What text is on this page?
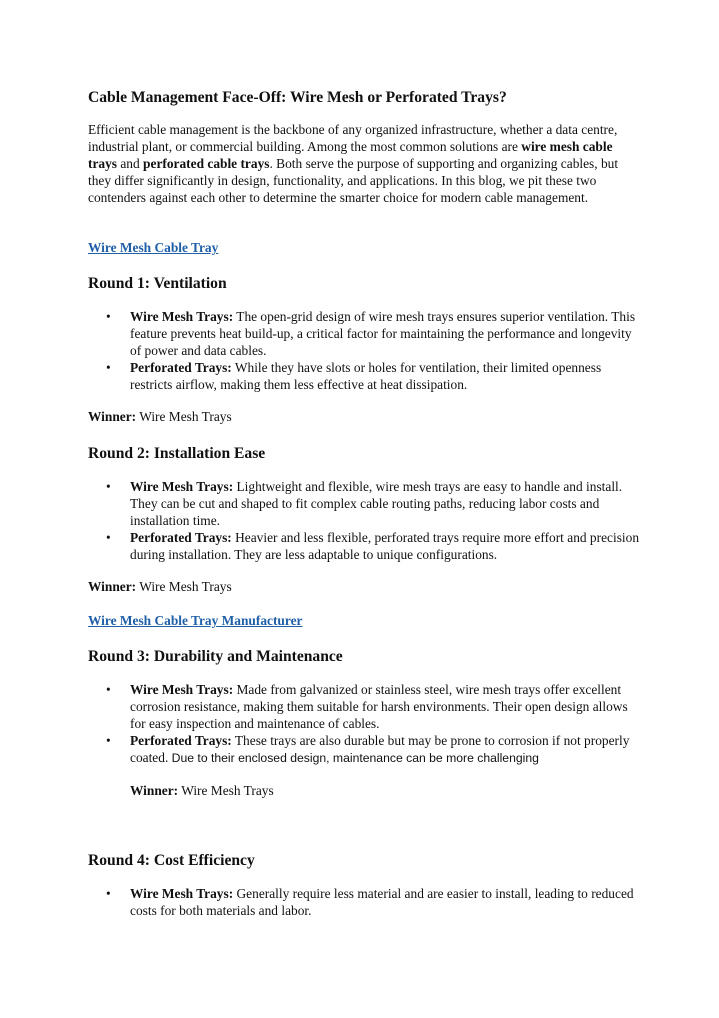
Cable Management Face-Off: Wire Mesh or Perforated Trays?

Efficient cable management is the backbone of any organized infrastructure, whether a data centre, industrial plant, or commercial building. Among the most common solutions are wire mesh cable trays and perforated cable trays. Both serve the purpose of supporting and organizing cables, but they differ significantly in design, functionality, and applications. In this blog, we pit these two contenders against each other to determine the smarter choice for modern cable management.

Wire Mesh Cable Tray

Round 1: Ventilation
• Wire Mesh Trays: The open-grid design of wire mesh trays ensures superior ventilation. This feature prevents heat build-up, a critical factor for maintaining the performance and longevity of power and data cables.
• Perforated Trays: While they have slots or holes for ventilation, their limited openness restricts airflow, making them less effective at heat dissipation.

Winner: Wire Mesh Trays

Round 2: Installation Ease
• Wire Mesh Trays: Lightweight and flexible, wire mesh trays are easy to handle and install. They can be cut and shaped to fit complex cable routing paths, reducing labor costs and installation time.
• Perforated Trays: Heavier and less flexible, perforated trays require more effort and precision during installation. They are less adaptable to unique configurations.

Winner: Wire Mesh Trays

Wire Mesh Cable Tray Manufacturer

Round 3: Durability and Maintenance
• Wire Mesh Trays: Made from galvanized or stainless steel, wire mesh trays offer excellent corrosion resistance, making them suitable for harsh environments. Their open design allows for easy inspection and maintenance of cables.
• Perforated Trays: These trays are also durable but may be prone to corrosion if not properly coated. Due to their enclosed design, maintenance can be more challenging

Winner: Wire Mesh Trays

Round 4: Cost Efficiency
• Wire Mesh Trays: Generally require less material and are easier to install, leading to reduced costs for both materials and labor.
